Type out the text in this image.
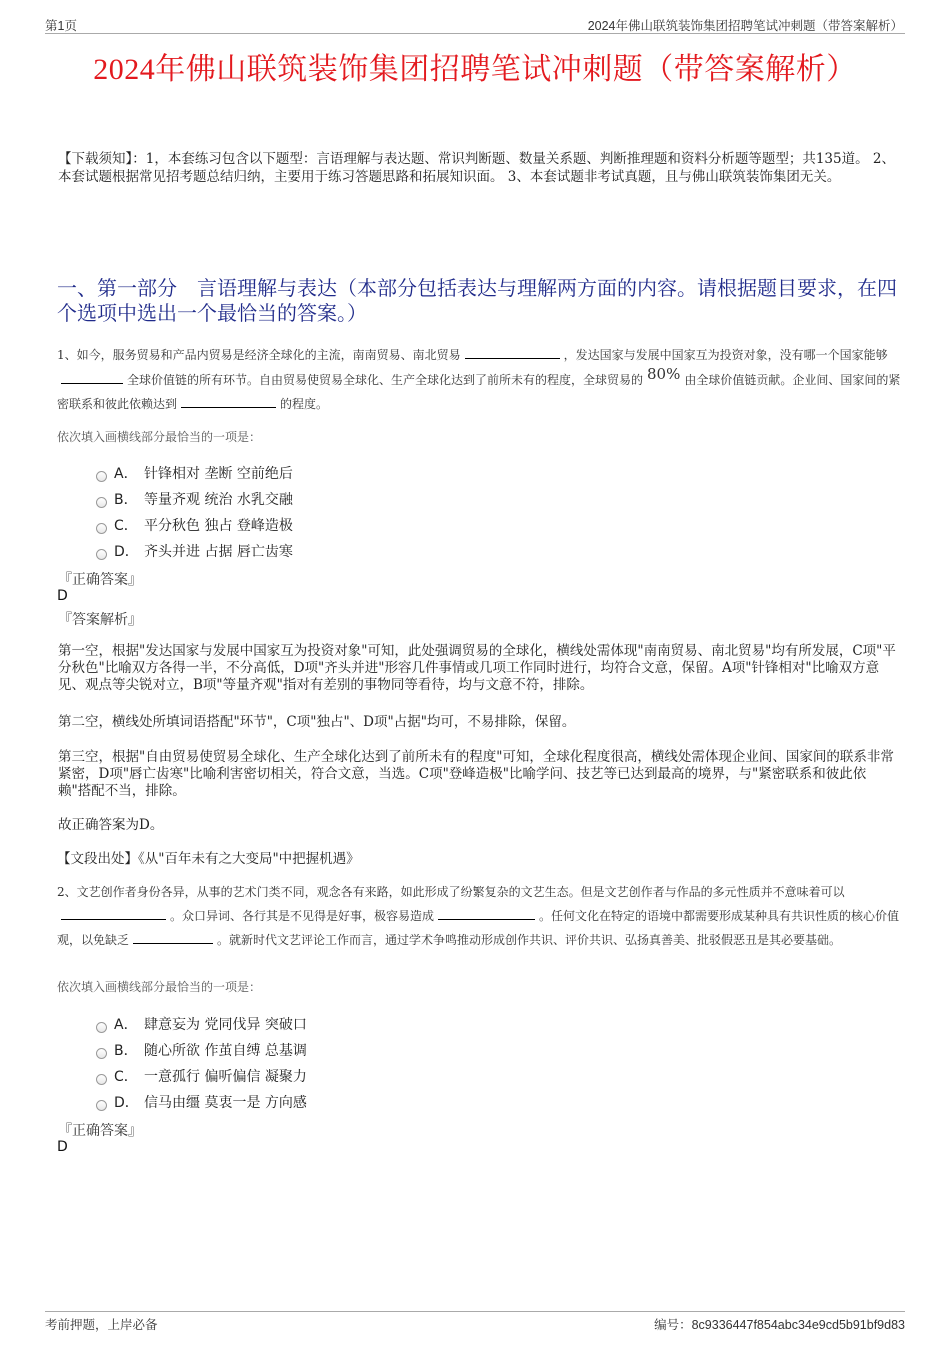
第1页	2024年佛山联筑装饰集团招聘笔试冲刺题（带答案解析）
2024年佛山联筑装饰集团招聘笔试冲刺题（带答案解析）
【下载须知】：1，本套练习包含以下题型：言语理解与表达题、常识判断题、数量关系题、判断推理题和资料分析题等题型；共135道。 2、本套试题根据常见招考题总结归纳，主要用于练习答题思路和拓展知识面。 3、本套试题非考试真题，且与佛山联筑装饰集团无关。
一、第一部分　言语理解与表达（本部分包括表达与理解两方面的内容。请根据题目要求，在四个选项中选出一个最恰当的答案。）
1、如今，服务贸易和产品内贸易是经济全球化的主流，南南贸易、南北贸易	，发达国家与发展中国家互为投资对象，没有哪一个国家能够全球价值链的所有环节。自由贸易使贸易全球化、生产全球化达到了前所未有的程度，全球贸易的 80% 由全球价值链贡献。企业间、国家间的紧密联系和彼此依赖达到	的程度。
依次填入画横线部分最恰当的一项是：
A． 针锋相对 垄断 空前绝后
B． 等量齐观 统治 水乳交融
C． 平分秋色 独占 登峰造极
D． 齐头并进 占据 唇亡齿寒
『正确答案』
D
『答案解析』
第一空，根据"发达国家与发展中国家互为投资对象"可知，此处强调贸易的全球化，横线处需体现"南南贸易、南北贸易"均有所发展，C项"平分秋色"比喻双方各得一半，不分高低，D项"齐头并进"形容几件事情或几项工作同时进行，均符合文意，保留。A项"针锋相对"比喻双方意见、观点等尖锐对立，B项"等量齐观"指对有差别的事物同等看待，均与文意不符，排除。
第二空，横线处所填词语搭配"环节"，C项"独占"、D项"占据"均可，不易排除，保留。
第三空，根据"自由贸易使贸易全球化、生产全球化达到了前所未有的程度"可知，全球化程度很高，横线处需体现企业间、国家间的联系非常紧密，D项"唇亡齿寒"比喻利害密切相关，符合文意，当选。C项"登峰造极"比喻学问、技艺等已达到最高的境界，与"紧密联系和彼此依赖"搭配不当，排除。
故正确答案为D。
【文段出处】《从"百年未有之大变局"中把握机遇》
2、文艺创作者身份各异，从事的艺术门类不同，观念各有来路，如此形成了纷繁复杂的文艺生态。但是文艺创作者与作品的多元性质并不意味着可以。众口异词、各行其是不见得是好事，极容易造成	。任何文化在特定的语境中都需要形成某种具有共识性质的核心价值观，以免缺乏	。就新时代文艺评论工作而言，通过学术争鸣推动形成创作共识、评价共识、弘扬真善美、批驳假恶丑是其必要基础。
依次填入画横线部分最恰当的一项是：
A． 肆意妄为 党同伐异 突破口
B． 随心所欲 作茧自缚 总基调
C． 一意孤行 偏听偏信 凝聚力
D． 信马由缰 莫衷一是 方向感
『正确答案』
D
考前押题，上岸必备	编号：8c9336447f854abc34e9cd5b91bf9d83
